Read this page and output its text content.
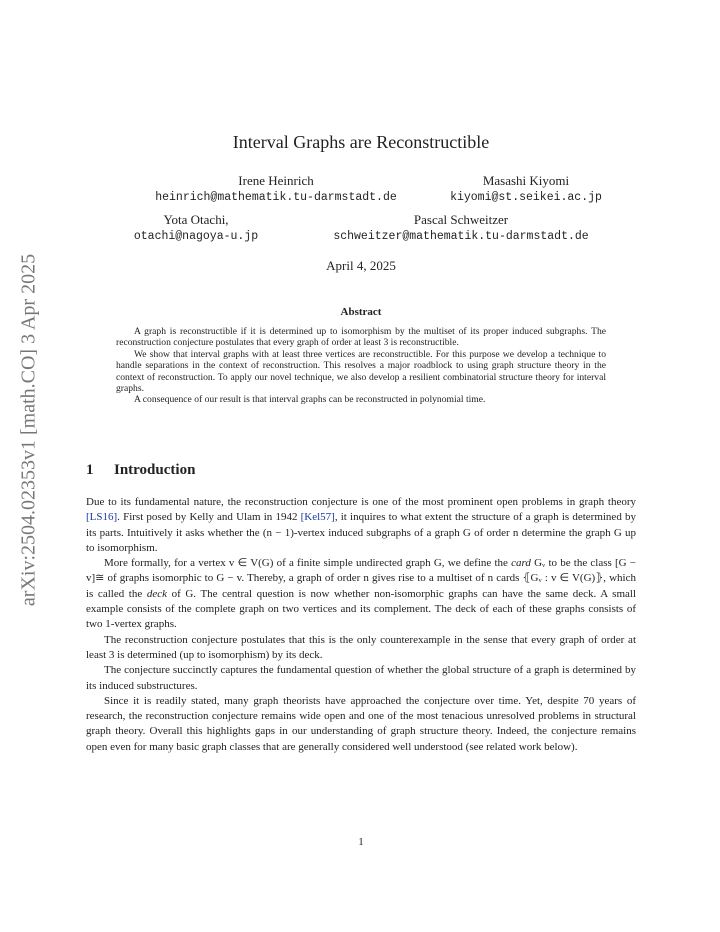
arXiv:2504.02353v1 [math.CO] 3 Apr 2025
Interval Graphs are Reconstructible
Irene Heinrich
heinrich@mathematik.tu-darmstadt.de
Masashi Kiyomi
kiyomi@st.seikei.ac.jp
Yota Otachi,
otachi@nagoya-u.jp
Pascal Schweitzer
schweitzer@mathematik.tu-darmstadt.de
April 4, 2025
Abstract

A graph is reconstructible if it is determined up to isomorphism by the multiset of its proper induced subgraphs. The reconstruction conjecture postulates that every graph of order at least 3 is reconstructible.

We show that interval graphs with at least three vertices are reconstructible. For this purpose we develop a technique to handle separations in the context of reconstruction. This resolves a major roadblock to using graph structure theory in the context of reconstruction. To apply our novel technique, we also develop a resilient combinatorial structure theory for interval graphs.

A consequence of our result is that interval graphs can be reconstructed in polynomial time.

1 Introduction

Due to its fundamental nature, the reconstruction conjecture is one of the most prominent open problems in graph theory [LS16]. First posed by Kelly and Ulam in 1942 [Kel57], it inquires to what extent the structure of a graph is determined by its parts. Intuitively it asks whether the (n − 1)-vertex induced subgraphs of a graph G of order n determine the graph G up to isomorphism.

More formally, for a vertex v ∈ V(G) of a finite simple undirected graph G, we define the card Gᵥ to be the class [G − v]≅ of graphs isomorphic to G − v. Thereby, a graph of order n gives rise to a multiset of n cards ⦃Gᵥ : v ∈ V(G)⦄, which is called the deck of G. The central question is now whether non-isomorphic graphs can have the same deck. A small example consists of the complete graph on two vertices and its complement. The deck of each of these graphs consists of two 1-vertex graphs.

The reconstruction conjecture postulates that this is the only counterexample in the sense that every graph of order at least 3 is determined (up to isomorphism) by its deck.

The conjecture succinctly captures the fundamental question of whether the global structure of a graph is determined by its induced substructures.

Since it is readily stated, many graph theorists have approached the conjecture over time. Yet, despite 70 years of research, the reconstruction conjecture remains wide open and one of the most tenacious unresolved problems in structural graph theory. Overall this highlights gaps in our understanding of graph structure theory. Indeed, the conjecture remains open even for many basic graph classes that are generally considered well understood (see related work below).

1
